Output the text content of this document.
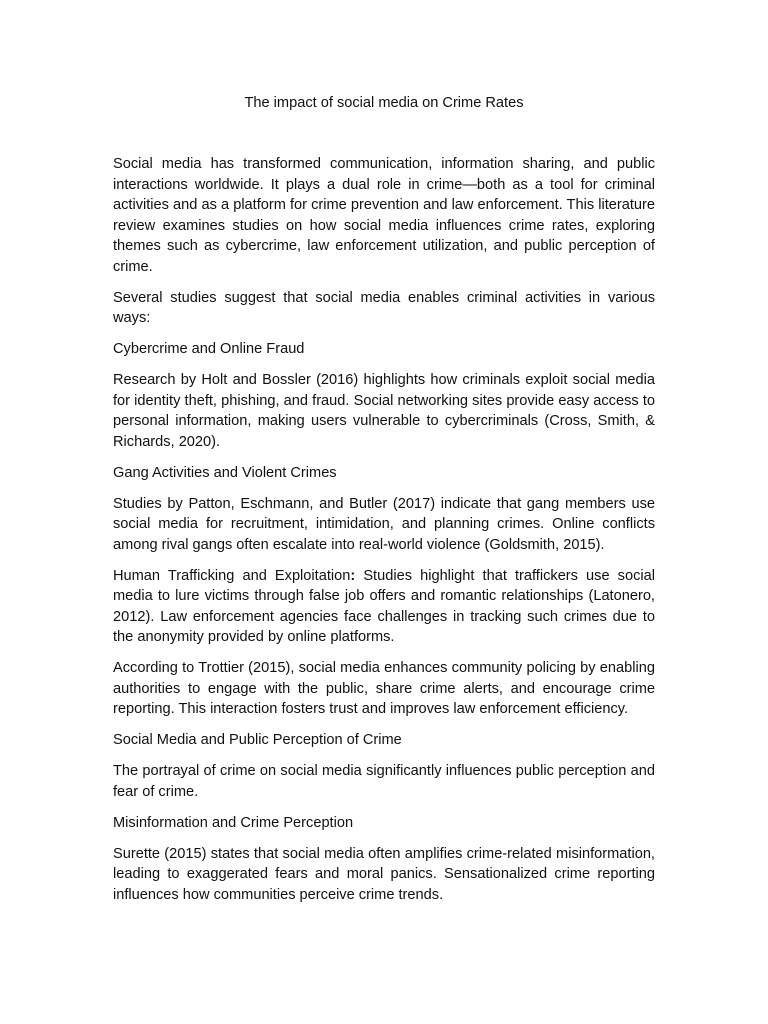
The impact of social media on Crime Rates

Social media has transformed communication, information sharing, and public interactions worldwide. It plays a dual role in crime—both as a tool for criminal activities and as a platform for crime prevention and law enforcement. This literature review examines studies on how social media influences crime rates, exploring themes such as cybercrime, law enforcement utilization, and public perception of crime.

Several studies suggest that social media enables criminal activities in various ways:

Cybercrime and Online Fraud

Research by Holt and Bossler (2016) highlights how criminals exploit social media for identity theft, phishing, and fraud. Social networking sites provide easy access to personal information, making users vulnerable to cybercriminals (Cross, Smith, & Richards, 2020).

Gang Activities and Violent Crimes

Studies by Patton, Eschmann, and Butler (2017) indicate that gang members use social media for recruitment, intimidation, and planning crimes. Online conflicts among rival gangs often escalate into real-world violence (Goldsmith, 2015).

Human Trafficking and Exploitation: Studies highlight that traffickers use social media to lure victims through false job offers and romantic relationships (Latonero, 2012). Law enforcement agencies face challenges in tracking such crimes due to the anonymity provided by online platforms.

According to Trottier (2015), social media enhances community policing by enabling authorities to engage with the public, share crime alerts, and encourage crime reporting. This interaction fosters trust and improves law enforcement efficiency.

Social Media and Public Perception of Crime

The portrayal of crime on social media significantly influences public perception and fear of crime.

Misinformation and Crime Perception

Surette (2015) states that social media often amplifies crime-related misinformation, leading to exaggerated fears and moral panics. Sensationalized crime reporting influences how communities perceive crime trends.
